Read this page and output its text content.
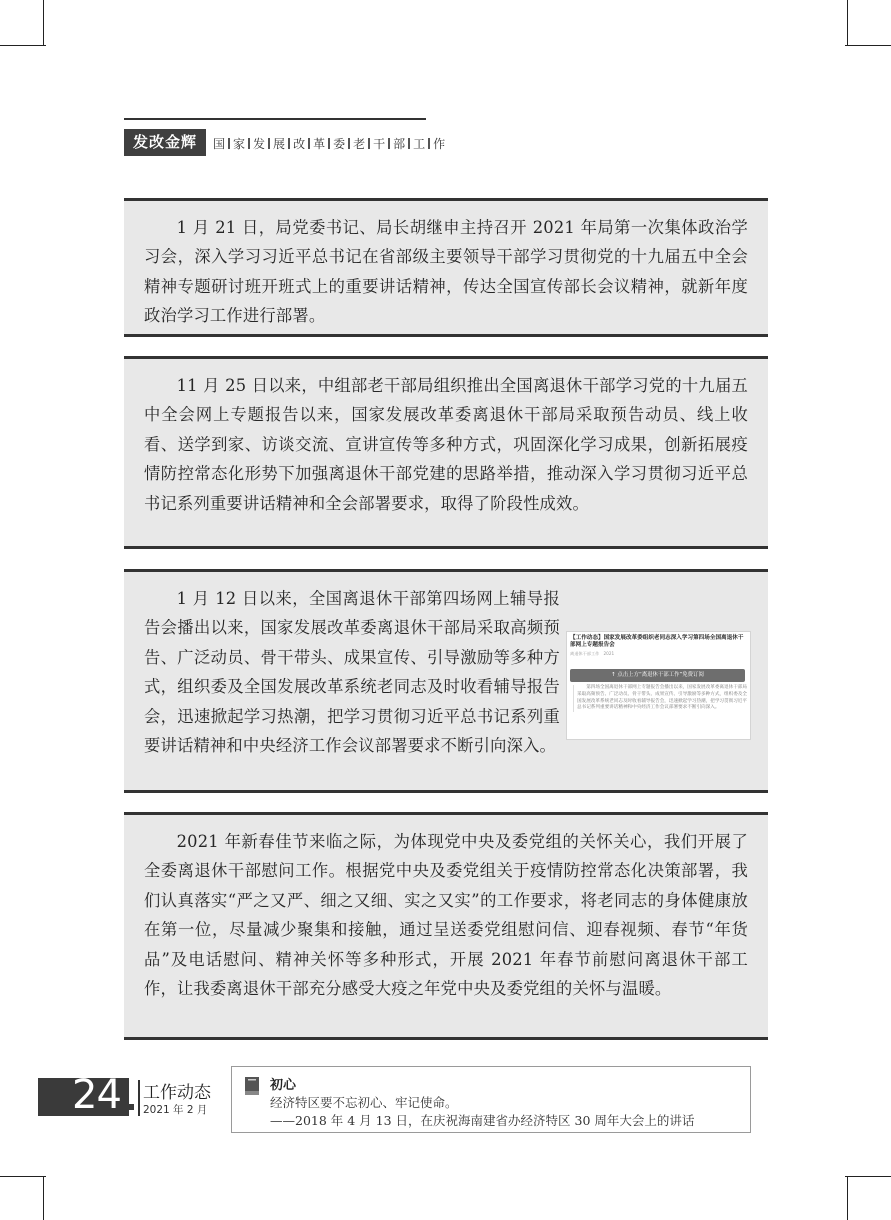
发改金辉	国 家 发 展 改 革 委 老 干 部 工 作

1 月 21 日，局党委书记、局长胡继申主持召开 2021 年局第一次集体政治学习会，深入学习习近平总书记在省部级主要领导干部学习贯彻党的十九届五中全会精神专题研讨班开班式上的重要讲话精神，传达全国宣传部长会议精神，就新年度政治学习工作进行部署。

11 月 25 日以来，中组部老干部局组织推出全国离退休干部学习党的十九届五中全会网上专题报告以来，国家发展改革委离退休干部局采取预告动员、线上收看、送学到家、访谈交流、宣讲宣传等多种方式，巩固深化学习成果，创新拓展疫情防控常态化形势下加强离退休干部党建的思路举措，推动深入学习贯彻习近平总书记系列重要讲话精神和全会部署要求，取得了阶段性成效。

1 月 12 日以来，全国离退休干部第四场网上辅导报告会播出以来，国家发展改革委离退休干部局采取高频预告、广泛动员、骨干带头、成果宣传、引导激励等多种方式，组织委及全国发展改革系统老同志及时收看辅导报告会，迅速掀起学习热潮，把学习贯彻习近平总书记系列重要讲话精神和中央经济工作会议部署要求不断引向深入。

2021 年新春佳节来临之际，为体现党中央及委党组的关怀关心，我们开展了全委离退休干部慰问工作。根据党中央及委党组关于疫情防控常态化决策部署，我们认真落实“严之又严、细之又细、实之又实”的工作要求，将老同志的身体健康放在第一位，尽量减少聚集和接触，通过呈送委党组慰问信、迎春视频、春节“年货品”及电话慰问、精神关怀等多种形式，开展 2021 年春节前慰问离退休干部工作，让我委离退休干部充分感受大疫之年党中央及委党组的关怀与温暖。

【工作动态】国家发展改革委组织老同志深入学习第四场全国离退休干部网上专题报告会
离退休干部工作　2021
↑ 点击上方“离退休干部工作”免费订阅
第四场全国离退休干部网上专题报告会播出以来，国家发展改革委离退休干部局采取高频预告、广泛动员、骨干带头、成果宣传、引导激励等多种方式，组织委及全国发展改革系统老同志及时收看辅导报告会，迅速掀起学习热潮，把学习贯彻习近平总书记系列重要讲话精神和中央经济工作会议部署要求不断引向深入。
24 工作动态
2021 年 2 月
初心
经济特区要不忘初心、牢记使命。
——2018 年 4 月 13 日，在庆祝海南建省办经济特区 30 周年大会上的讲话
